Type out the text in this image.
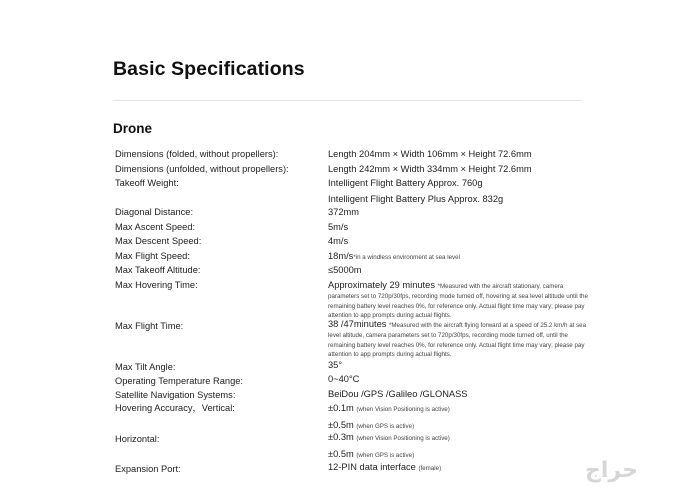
Basic Specifications
Drone
Dimensions (folded, without propellers):	Length 204mm × Width 106mm × Height 72.6mm
Dimensions (unfolded, without propellers):	Length 242mm × Width 334mm × Height 72.6mm
Takeoff Weight:	Intelligent Flight Battery Approx. 760g
Intelligent Flight Battery Plus Approx. 832g
Diagonal Distance:	372mm
Max Ascent Speed:	5m/s
Max Descent Speed:	4m/s
Max Flight Speed:	18m/s*in a windless environment at sea level
Max Takeoff Altitude:	≤5000m
Max Hovering Time:	Approximately 29 minutes *Measured with the aircraft stationary, camera parameters set to 720p/30fps, recording mode turned off, hovering at sea level altitude until the remaining battery level reaches 0%, for reference only. Actual flight time may vary; please pay attention to app prompts during actual flights.
Max Flight Time:	38 /47minutes *Measured with the aircraft flying forward at a speed of 25.2 km/h at sea level altitude, camera parameters set to 720p/30fps, recording mode turned off, until the remaining battery level reaches 0%, for reference only. Actual flight time may vary; please pay attention to app prompts during actual flights.
Max Tilt Angle:	35°
Operating Temperature Range:	0~40°C
Satellite Navigation Systems:	BeiDou /GPS /Galileo /GLONASS
Hovering Accuracy，Vertical:	±0.1m (when Vision Positioning is active)
±0.5m (when GPS is active)
Horizontal:	±0.3m (when Vision Positioning is active)
±0.5m (when GPS is active)
Expansion Port:	12-PIN data interface (female)	حراج
